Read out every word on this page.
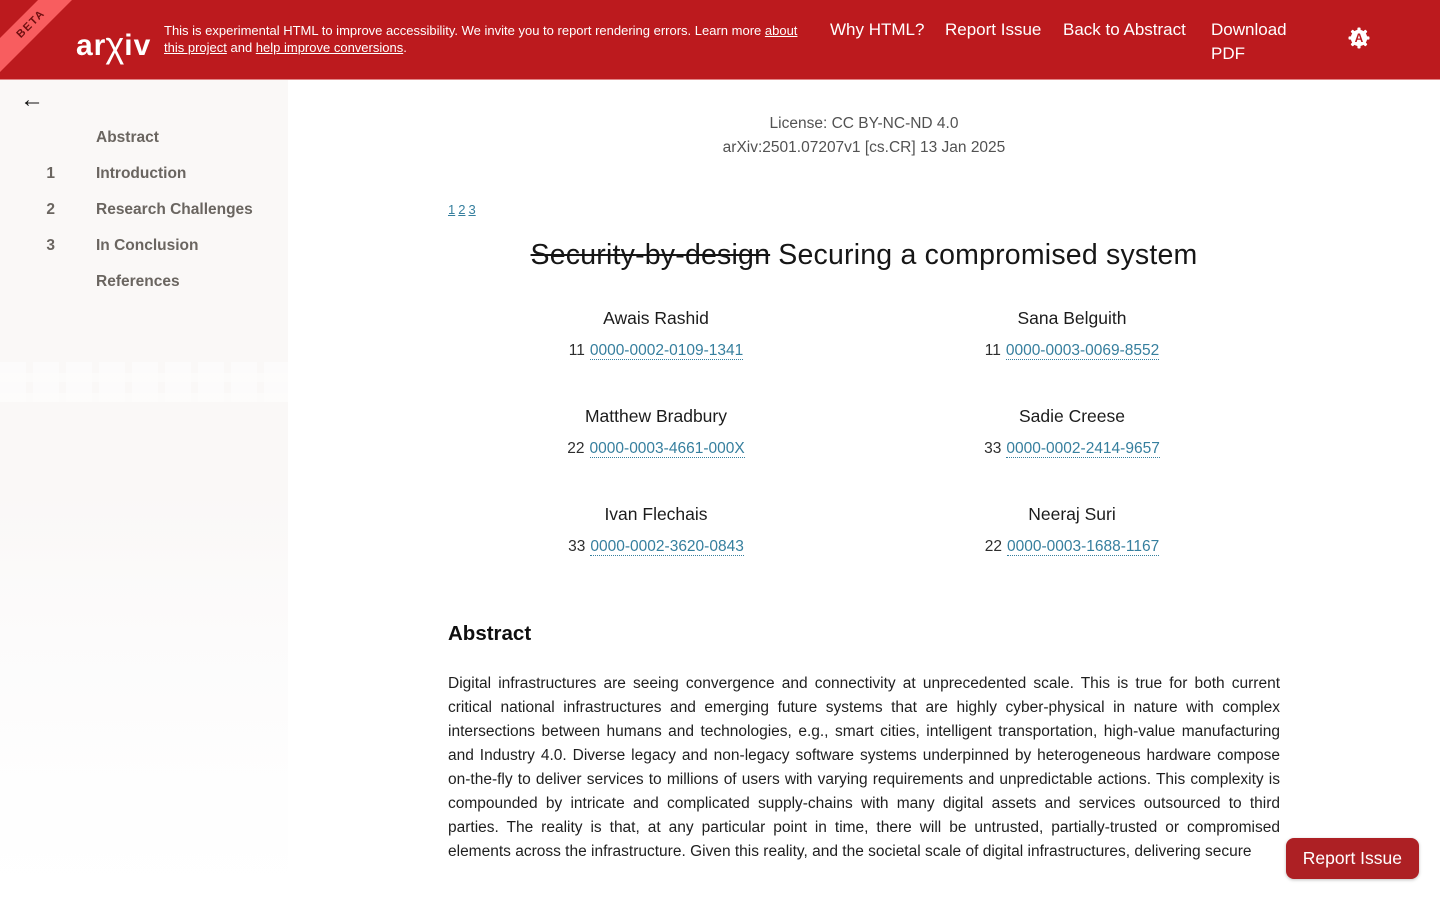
BETA
ar χ iv This is experimental HTML to improve accessibility. We invite you to report rendering errors. Learn more about this project and help improve conversions.
Why HTML?	Report Issue	Back to Abstract	Download PDF
A
←
Abstract
1	Introduction
2	Research Challenges
3	In Conclusion
References
License: CC BY-NC-ND 4.0
arXiv:2501.07207v1 [cs.CR] 13 Jan 2025
1 2 3
Security-by-design Securing a compromised system
Awais Rashid
11 0000-0002-0109-1341
Sana Belguith
11 0000-0003-0069-8552
Matthew Bradbury
22 0000-0003-4661-000X
Sadie Creese
33 0000-0002-2414-9657
Ivan Flechais
33 0000-0002-3620-0843
Neeraj Suri
22 0000-0003-1688-1167
Abstract

Digital infrastructures are seeing convergence and connectivity at unprecedented scale. This is true for both current critical national infrastructures and emerging future systems that are highly cyber-physical in nature with complex intersections between humans and technologies, e.g., smart cities, intelligent transportation, high-value manufacturing and Industry 4.0. Diverse legacy and non-legacy software systems underpinned by heterogeneous hardware compose on-the-fly to deliver services to millions of users with varying requirements and unpredictable actions. This complexity is compounded by intricate and complicated supply-chains with many digital assets and services outsourced to third parties. The reality is that, at any particular point in time, there will be untrusted, partially-trusted or compromised elements across the infrastructure. Given this reality, and the societal scale of digital infrastructures, delivering secure	Report Issue
